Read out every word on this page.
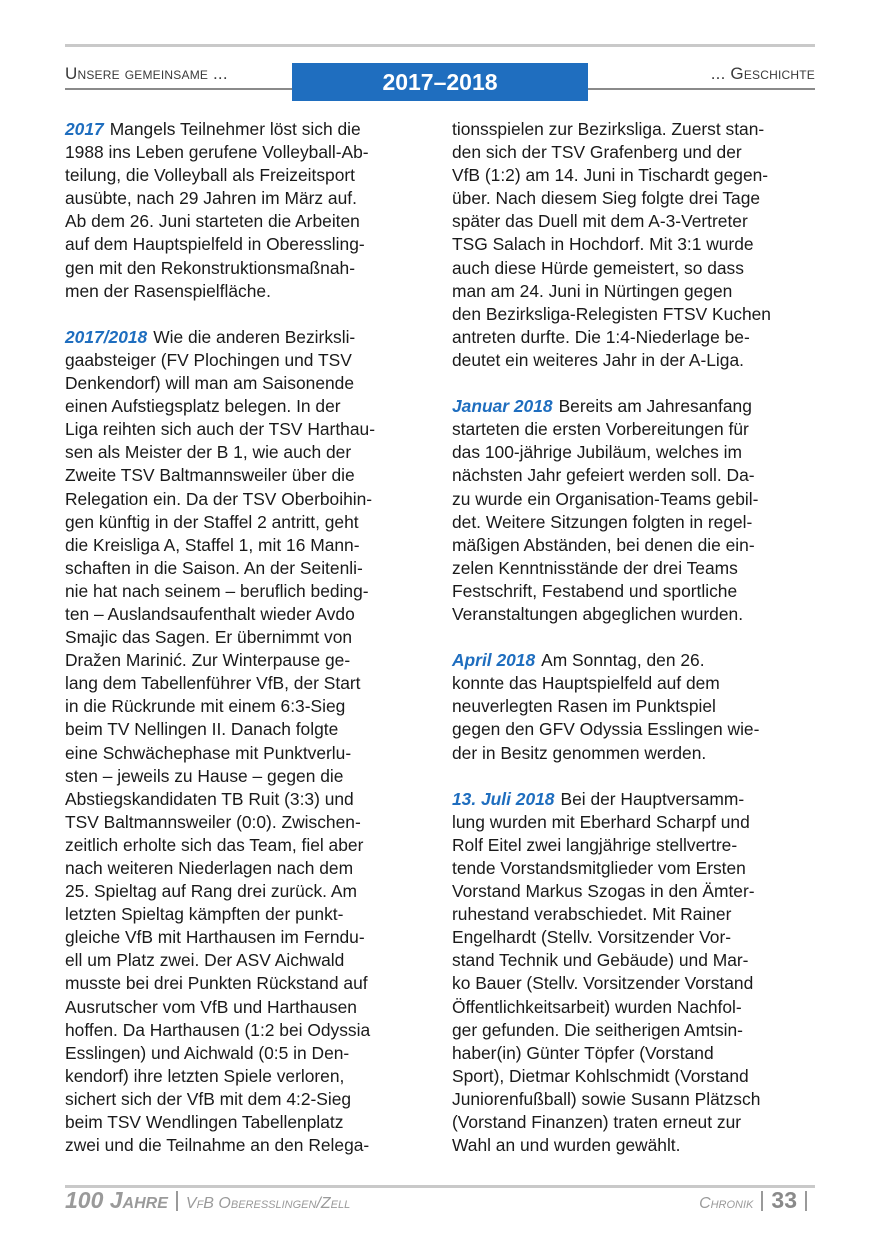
Unsere gemeinsame ...	... Geschichte
2017–2018
2017 Mangels Teilnehmer löst sich die
1988 ins Leben gerufene Volleyball-Ab-
teilung, die Volleyball als Freizeitsport
ausübte, nach 29 Jahren im März auf.
Ab dem 26. Juni starteten die Arbeiten
auf dem Hauptspielfeld in Oberessling-
gen mit den Rekonstruktionsmaßnah-
men der Rasenspielfläche.
2017/2018 Wie die anderen Bezirksli-
gaabsteiger (FV Plochingen und TSV
Denkendorf) will man am Saisonende
einen Aufstiegsplatz belegen. In der
Liga reihten sich auch der TSV Harthau-
sen als Meister der B 1, wie auch der
Zweite TSV Baltmannsweiler über die
Relegation ein. Da der TSV Oberboihin-
gen künftig in der Staffel 2 antritt, geht
die Kreisliga A, Staffel 1, mit 16 Mann-
schaften in die Saison. An der Seitenli-
nie hat nach seinem – beruflich beding-
ten – Auslandsaufenthalt wieder Avdo
Smajic das Sagen. Er übernimmt von
Dražen Marinić. Zur Winterpause ge-
lang dem Tabellenführer VfB, der Start
in die Rückrunde mit einem 6:3-Sieg
beim TV Nellingen II. Danach folgte
eine Schwächephase mit Punktverlu-
sten – jeweils zu Hause – gegen die
Abstiegskandidaten TB Ruit (3:3) und
TSV Baltmannsweiler (0:0). Zwischen-
zeitlich erholte sich das Team, fiel aber
nach weiteren Niederlagen nach dem
25. Spieltag auf Rang drei zurück. Am
letzten Spieltag kämpften der punkt-
gleiche VfB mit Harthausen im Ferndu-
ell um Platz zwei. Der ASV Aichwald
musste bei drei Punkten Rückstand auf
Ausrutscher vom VfB und Harthausen
hoffen. Da Harthausen (1:2 bei Odyssia
Esslingen) und Aichwald (0:5 in Den-
kendorf) ihre letzten Spiele verloren,
sichert sich der VfB mit dem 4:2-Sieg
beim TSV Wendlingen Tabellenplatz
zwei und die Teilnahme an den Relega-
tionsspielen zur Bezirksliga. Zuerst stan-
den sich der TSV Grafenberg und der
VfB (1:2) am 14. Juni in Tischardt gegen-
über. Nach diesem Sieg folgte drei Tage
später das Duell mit dem A-3-Vertreter
TSG Salach in Hochdorf. Mit 3:1 wurde
auch diese Hürde gemeistert, so dass
man am 24. Juni in Nürtingen gegen
den Bezirksliga-Relegisten FTSV Kuchen
antreten durfte. Die 1:4-Niederlage be-
deutet ein weiteres Jahr in der A-Liga.
Januar 2018 Bereits am Jahresanfang
starteten die ersten Vorbereitungen für
das 100-jährige Jubiläum, welches im
nächsten Jahr gefeiert werden soll. Da-
zu wurde ein Organisation-Teams gebil-
det. Weitere Sitzungen folgten in regel-
mäßigen Abständen, bei denen die ein-
zelen Kenntnisstände der drei Teams
Festschrift, Festabend und sportliche
Veranstaltungen abgeglichen wurden.
April 2018 Am Sonntag, den 26.
konnte das Hauptspielfeld auf dem
neuverlegten Rasen im Punktspiel
gegen den GFV Odyssia Esslingen wie-
der in Besitz genommen werden.
13. Juli 2018 Bei der Hauptversamm-
lung wurden mit Eberhard Scharpf und
Rolf Eitel zwei langjährige stellvertre-
tende Vorstandsmitglieder vom Ersten
Vorstand Markus Szogas in den Ämter-
ruhestand verabschiedet. Mit Rainer
Engelhardt (Stellv. Vorsitzender Vor-
stand Technik und Gebäude) und Mar-
ko Bauer (Stellv. Vorsitzender Vorstand
Öffentlichkeitsarbeit) wurden Nachfol-
ger gefunden. Die seitherigen Amtsin-
haber(in) Günter Töpfer (Vorstand
Sport), Dietmar Kohlschmidt (Vorstand
Juniorenfußball) sowie Susann Plätzsch
(Vorstand Finanzen) traten erneut zur
Wahl an und wurden gewählt.
100 Jahre VfB Oberesslingen/Zell	Chronik 33
